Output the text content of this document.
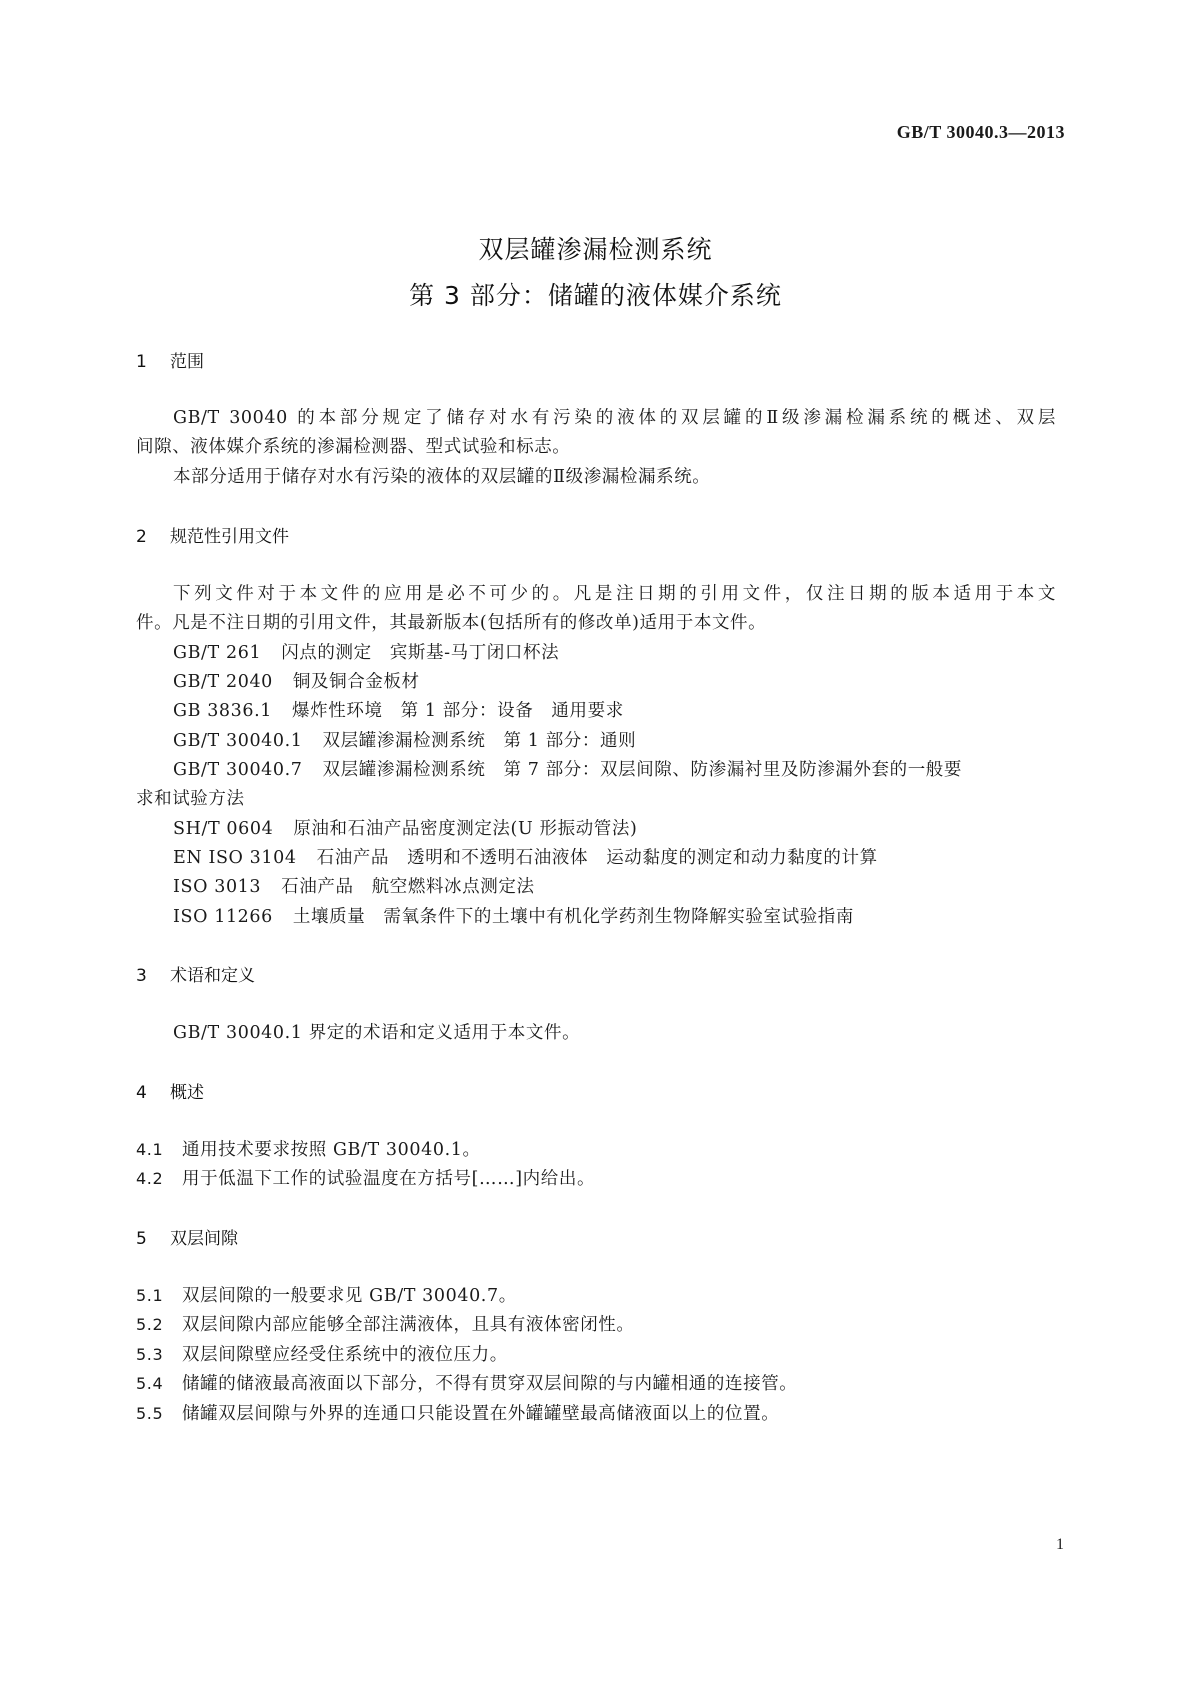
GB/T 30040.3—2013
双层罐渗漏检测系统
第 3 部分：储罐的液体媒介系统
1 范围
GB/T 30040 的本部分规定了储存对水有污染的液体的双层罐的Ⅱ级渗漏检漏系统的概述、双层
间隙、液体媒介系统的渗漏检测器、型式试验和标志。
本部分适用于储存对水有污染的液体的双层罐的Ⅱ级渗漏检漏系统。
2 规范性引用文件
下列文件对于本文件的应用是必不可少的。凡是注日期的引用文件，仅注日期的版本适用于本文
件。凡是不注日期的引用文件，其最新版本(包括所有的修改单)适用于本文件。
GB/T 261 闪点的测定　宾斯基-马丁闭口杯法
GB/T 2040 铜及铜合金板材
GB 3836.1 爆炸性环境　第 1 部分：设备　通用要求
GB/T 30040.1 双层罐渗漏检测系统　第 1 部分：通则
GB/T 30040.7 双层罐渗漏检测系统　第 7 部分：双层间隙、防渗漏衬里及防渗漏外套的一般要
求和试验方法
SH/T 0604 原油和石油产品密度测定法(U 形振动管法)
EN ISO 3104 石油产品　透明和不透明石油液体　运动黏度的测定和动力黏度的计算
ISO 3013 石油产品　航空燃料冰点测定法
ISO 11266 土壤质量　需氧条件下的土壤中有机化学药剂生物降解实验室试验指南
3 术语和定义
GB/T 30040.1 界定的术语和定义适用于本文件。
4 概述
4.1 通用技术要求按照 GB/T 30040.1。
4.2 用于低温下工作的试验温度在方括号[……]内给出。
5 双层间隙
5.1 双层间隙的一般要求见 GB/T 30040.7。
5.2 双层间隙内部应能够全部注满液体，且具有液体密闭性。
5.3 双层间隙壁应经受住系统中的液位压力。
5.4 储罐的储液最高液面以下部分，不得有贯穿双层间隙的与内罐相通的连接管。
5.5 储罐双层间隙与外界的连通口只能设置在外罐罐壁最高储液面以上的位置。
1
